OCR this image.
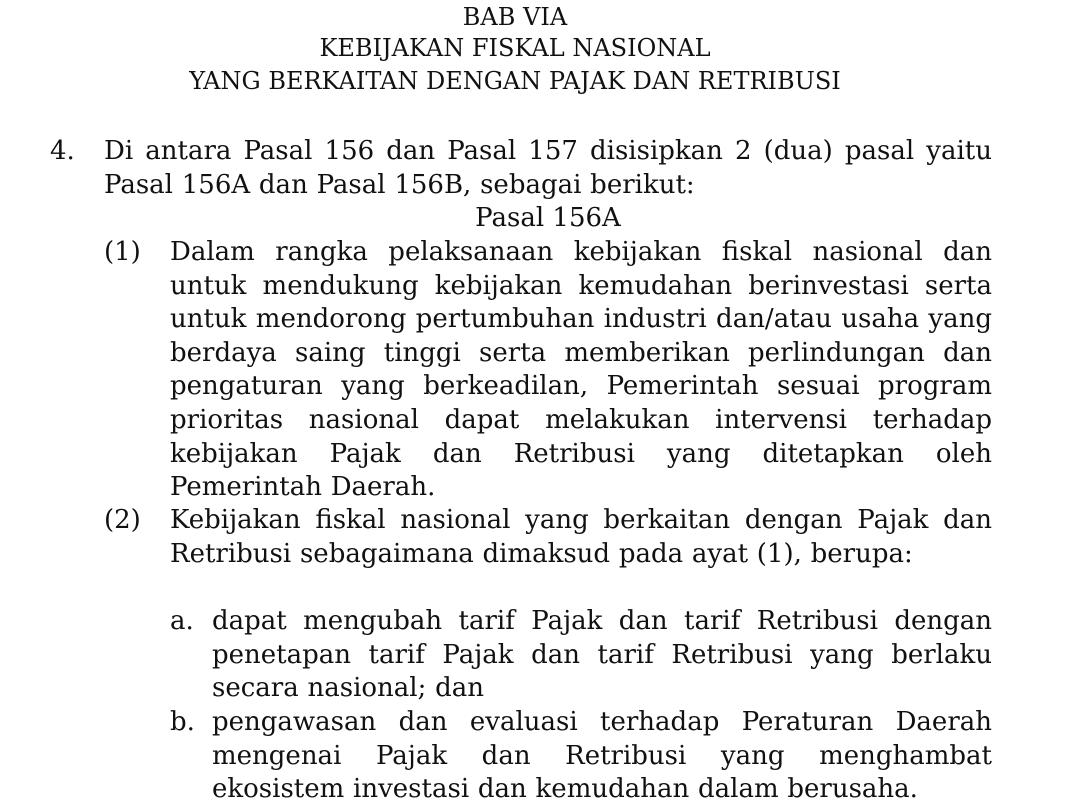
BAB VIA
KEBIJAKAN FISKAL NASIONAL
YANG BERKAITAN DENGAN PAJAK DAN RETRIBUSI
4. Di antara Pasal 156 dan Pasal 157 disisipkan 2 (dua) pasal yaitu Pasal 156A dan Pasal 156B, sebagai berikut:
Pasal 156A
(1) Dalam rangka pelaksanaan kebijakan fiskal nasional dan untuk mendukung kebijakan kemudahan berinvestasi serta untuk mendorong pertumbuhan industri dan/atau usaha yang berdaya saing tinggi serta memberikan perlindungan dan pengaturan yang berkeadilan, Pemerintah sesuai program prioritas nasional dapat melakukan intervensi terhadap kebijakan Pajak dan Retribusi yang ditetapkan oleh Pemerintah Daerah.
(2) Kebijakan fiskal nasional yang berkaitan dengan Pajak dan Retribusi sebagaimana dimaksud pada ayat (1), berupa:
a. dapat mengubah tarif Pajak dan tarif Retribusi dengan penetapan tarif Pajak dan tarif Retribusi yang berlaku secara nasional; dan
b. pengawasan dan evaluasi terhadap Peraturan Daerah mengenai Pajak dan Retribusi yang menghambat ekosistem investasi dan kemudahan dalam berusaha.
